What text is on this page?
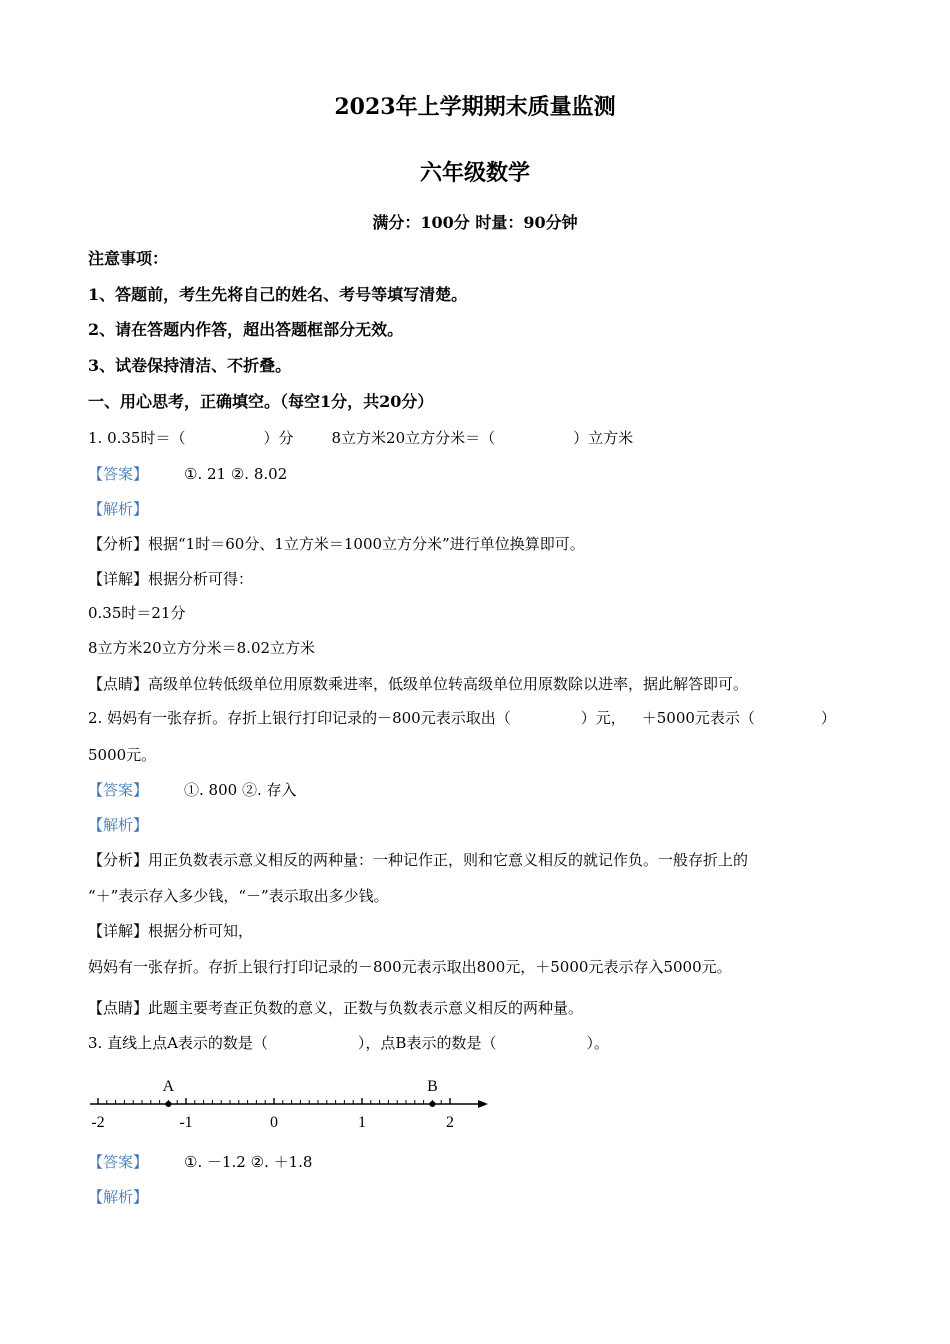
2023年上学期期末质量监测
六年级数学
满分：100分 时量：90分钟
注意事项：
1、答题前，考生先将自己的姓名、考号等填写清楚。
2、请在答题内作答，超出答题框部分无效。
3、试卷保持清洁、不折叠。
一、用心思考，正确填空。（每空1分，共20分）
1. 0.35时＝（	）分	8立方米20立方分米＝（	）立方米
【答案】 ①. 21 ②. 8.02
【解析】
【分析】根据“1时＝60分、1立方米＝1000立方分米”进行单位换算即可。
【详解】根据分析可得：
0.35时＝21分
8立方米20立方分米＝8.02立方米
【点睛】高级单位转低级单位用原数乘进率，低级单位转高级单位用原数除以进率，据此解答即可。
2. 妈妈有一张存折。存折上银行打印记录的－800元表示取出（	）元， ＋5000元表示（	）
5000元。
【答案】 ①. 800 ②. 存入
【解析】
【分析】用正负数表示意义相反的两种量：一种记作正，则和它意义相反的就记作负。一般存折上的
“＋”表示存入多少钱，“－”表示取出多少钱。
【详解】根据分析可知，
妈妈有一张存折。存折上银行打印记录的－800元表示取出800元，＋5000元表示存入5000元。
【点睛】此题主要考查正负数的意义，正数与负数表示意义相反的两种量。
3. 直线上点A表示的数是（	），点B表示的数是（	）。
A	B
-2	-1	0	1	2
【答案】 ①. －1.2 ②. ＋1.8
【解析】
